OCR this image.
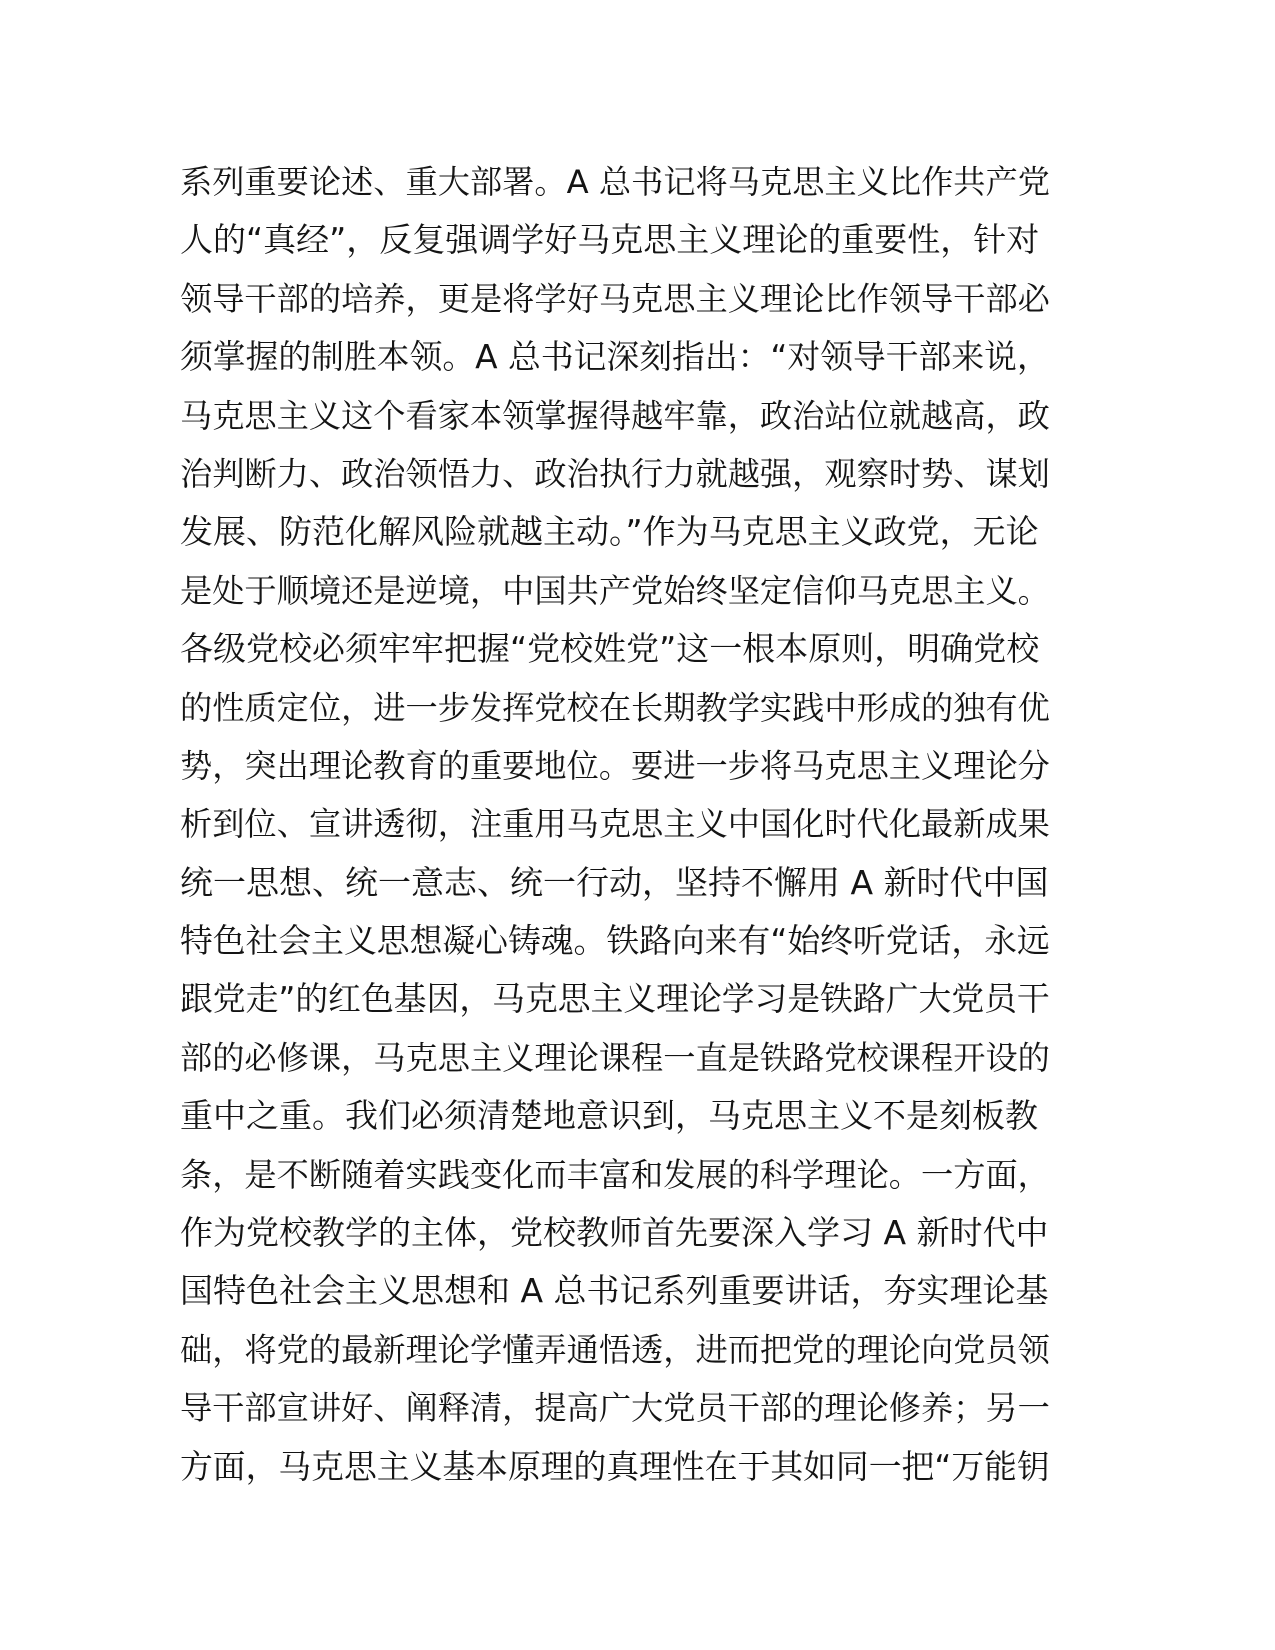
系列重要论述、重大部署。A 总书记将马克思主义比作共产党
人的“真经”，反复强调学好马克思主义理论的重要性，针对
领导干部的培养，更是将学好马克思主义理论比作领导干部必
须掌握的制胜本领。A 总书记深刻指出：“对领导干部来说，
马克思主义这个看家本领掌握得越牢靠，政治站位就越高，政
治判断力、政治领悟力、政治执行力就越强，观察时势、谋划
发展、防范化解风险就越主动。”作为马克思主义政党，无论
是处于顺境还是逆境，中国共产党始终坚定信仰马克思主义。
各级党校必须牢牢把握“党校姓党”这一根本原则，明确党校
的性质定位，进一步发挥党校在长期教学实践中形成的独有优
势，突出理论教育的重要地位。要进一步将马克思主义理论分
析到位、宣讲透彻，注重用马克思主义中国化时代化最新成果
统一思想、统一意志、统一行动，坚持不懈用 A 新时代中国
特色社会主义思想凝心铸魂。铁路向来有“始终听党话，永远
跟党走”的红色基因，马克思主义理论学习是铁路广大党员干
部的必修课，马克思主义理论课程一直是铁路党校课程开设的
重中之重。我们必须清楚地意识到，马克思主义不是刻板教
条，是不断随着实践变化而丰富和发展的科学理论。一方面，
作为党校教学的主体，党校教师首先要深入学习 A 新时代中
国特色社会主义思想和 A 总书记系列重要讲话，夯实理论基
础，将党的最新理论学懂弄通悟透，进而把党的理论向党员领
导干部宣讲好、阐释清，提高广大党员干部的理论修养；另一
方面，马克思主义基本原理的真理性在于其如同一把“万能钥
